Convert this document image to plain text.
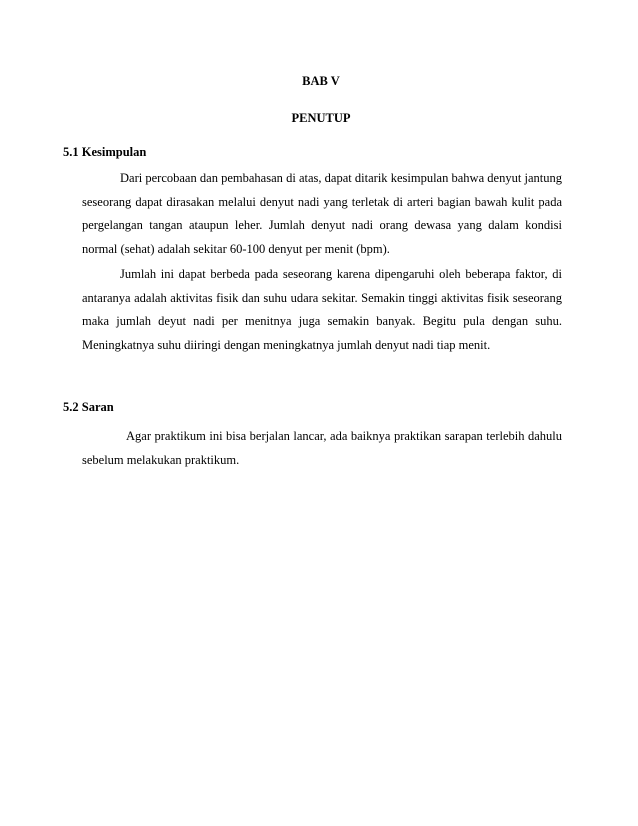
BAB V
PENUTUP
5.1 Kesimpulan

Dari percobaan dan pembahasan di atas, dapat ditarik kesimpulan bahwa denyut jantung seseorang dapat dirasakan melalui denyut nadi yang terletak di arteri bagian bawah kulit pada pergelangan tangan ataupun leher. Jumlah denyut nadi orang dewasa yang dalam kondisi normal (sehat) adalah sekitar 60-100 denyut per menit (bpm).

Jumlah ini dapat berbeda pada seseorang karena dipengaruhi oleh beberapa faktor, di antaranya adalah aktivitas fisik dan suhu udara sekitar. Semakin tinggi aktivitas fisik seseorang maka jumlah deyut nadi per menitnya juga semakin banyak. Begitu pula dengan suhu. Meningkatnya suhu diiringi dengan meningkatnya jumlah denyut nadi tiap menit.

5.2 Saran

Agar praktikum ini bisa berjalan lancar, ada baiknya praktikan sarapan terlebih dahulu sebelum melakukan praktikum.
